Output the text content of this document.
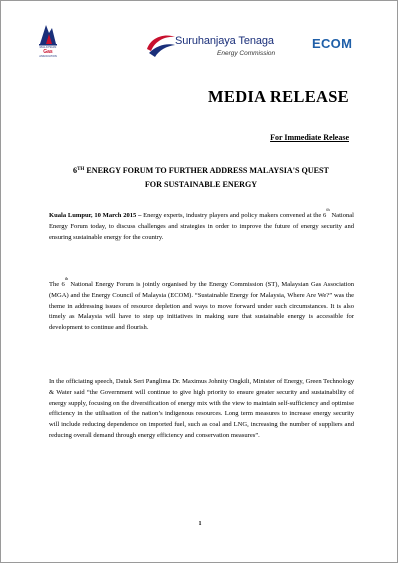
MALAYSIAN
Gas
ASSOCIATION
Suruhanjaya Tenaga
Energy Commission
ECOM
MEDIA RELEASE
For Immediate Release
6TH ENERGY FORUM TO FURTHER ADDRESS MALAYSIA'S QUEST
FOR SUSTAINABLE ENERGY
Kuala Lumpur, 10 March 2015 – Energy experts, industry players and policy makers convened at the 6th National Energy Forum today, to discuss challenges and strategies in order to improve the future of energy security and ensuring sustainable energy for the country.
The 6th National Energy Forum is jointly organised by the Energy Commission (ST), Malaysian Gas Association (MGA) and the Energy Council of Malaysia (ECOM). “Sustainable Energy for Malaysia, Where Are We?” was the theme in addressing issues of resource depletion and ways to move forward under such circumstances. It is also timely as Malaysia will have to step up initiatives in making sure that sustainable energy is accessible for development to continue and flourish.
In the officiating speech, Datuk Seri Panglima Dr. Maximus Johnity Ongkili, Minister of Energy, Green Technology & Water said “the Government will continue to give high priority to ensure greater security and sustainability of energy supply, focusing on the diversification of energy mix with the view to maintain self-sufficiency and optimise efficiency in the utilisation of the nation’s indigenous resources. Long term measures to increase energy security will include reducing dependence on imported fuel, such as coal and LNG, increasing the number of suppliers and reducing overall demand through energy efficiency and conservation measures”.
1
